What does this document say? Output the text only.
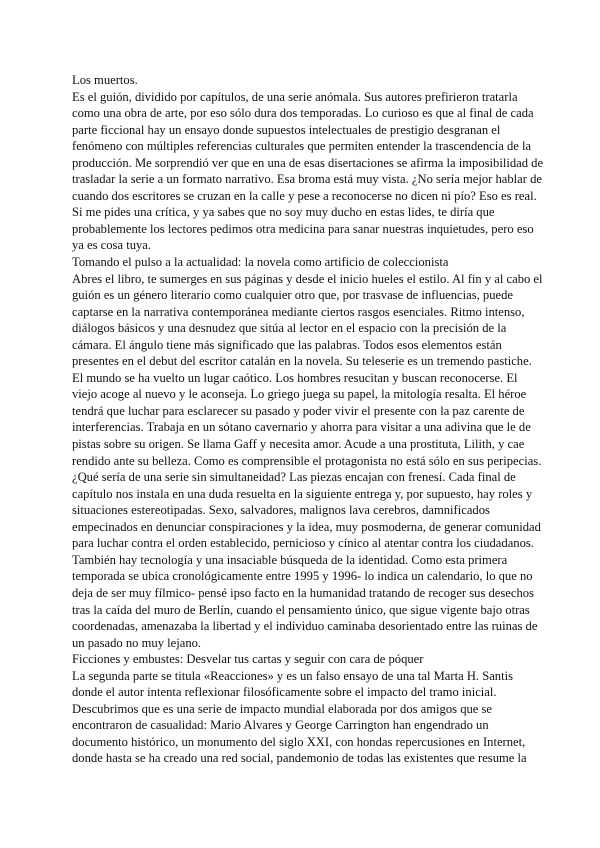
Los muertos.
Es el guión, dividido por capítulos, de una serie anómala. Sus autores prefirieron tratarla
como una obra de arte, por eso sólo dura dos temporadas. Lo curioso es que al final de cada
parte ficcional hay un ensayo donde supuestos intelectuales de prestigio desgranan el
fenómeno con múltiples referencias culturales que permiten entender la trascendencia de la
producción. Me sorprendió ver que en una de esas disertaciones se afirma la imposibilidad de
trasladar la serie a un formato narrativo. Esa broma está muy vista. ¿No sería mejor hablar de
cuando dos escritores se cruzan en la calle y pese a reconocerse no dicen ni pío? Eso es real.
Si me pides una crítica, y ya sabes que no soy muy ducho en estas lides, te diría que
probablemente los lectores pedimos otra medicina para sanar nuestras inquietudes, pero eso
ya es cosa tuya.
Tomando el pulso a la actualidad: la novela como artificio de coleccionista
Abres el libro, te sumerges en sus páginas y desde el inicio hueles el estilo. Al fin y al cabo el
guión es un género literario como cualquier otro que, por trasvase de influencias, puede
captarse en la narrativa contemporánea mediante ciertos rasgos esenciales. Ritmo intenso,
diálogos básicos y una desnudez que sitúa al lector en el espacio con la precisión de la
cámara. El ángulo tiene más significado que las palabras. Todos esos elementos están
presentes en el debut del escritor catalán en la novela. Su teleserie es un tremendo pastiche.
El mundo se ha vuelto un lugar caótico. Los hombres resucitan y buscan reconocerse. El
viejo acoge al nuevo y le aconseja. Lo griego juega su papel, la mitología resalta. El héroe
tendrá que luchar para esclarecer su pasado y poder vivir el presente con la paz carente de
interferencias. Trabaja en un sótano cavernario y ahorra para visitar a una adivina que le de
pistas sobre su origen. Se llama Gaff y necesita amor. Acude a una prostituta, Lilith, y cae
rendido ante su belleza. Como es comprensible el protagonista no está sólo en sus peripecias.
¿Qué sería de una serie sin simultaneidad? Las piezas encajan con frenesí. Cada final de
capítulo nos instala en una duda resuelta en la siguiente entrega y, por supuesto, hay roles y
situaciones estereotipadas. Sexo, salvadores, malignos lava cerebros, damnificados
empecinados en denunciar conspiraciones y la idea, muy posmoderna, de generar comunidad
para luchar contra el orden establecido, pernicioso y cínico al atentar contra los ciudadanos.
También hay tecnología y una insaciable búsqueda de la identidad. Como esta primera
temporada se ubica cronológicamente entre 1995 y 1996- lo indica un calendario, lo que no
deja de ser muy fílmico- pensé ipso facto en la humanidad tratando de recoger sus desechos
tras la caída del muro de Berlín, cuando el pensamiento único, que sigue vigente bajo otras
coordenadas, amenazaba la libertad y el individuo caminaba desorientado entre las ruinas de
un pasado no muy lejano.
Ficciones y embustes: Desvelar tus cartas y seguir con cara de póquer
La segunda parte se titula «Reacciones» y es un falso ensayo de una tal Marta H. Santis
donde el autor intenta reflexionar filosóficamente sobre el impacto del tramo inicial.
Descubrimos que es una serie de impacto mundial elaborada por dos amigos que se
encontraron de casualidad: Mario Alvares y George Carrington han engendrado un
documento histórico, un monumento del siglo XXI, con hondas repercusiones en Internet,
donde hasta se ha creado una red social, pandemonio de todas las existentes que resume la
